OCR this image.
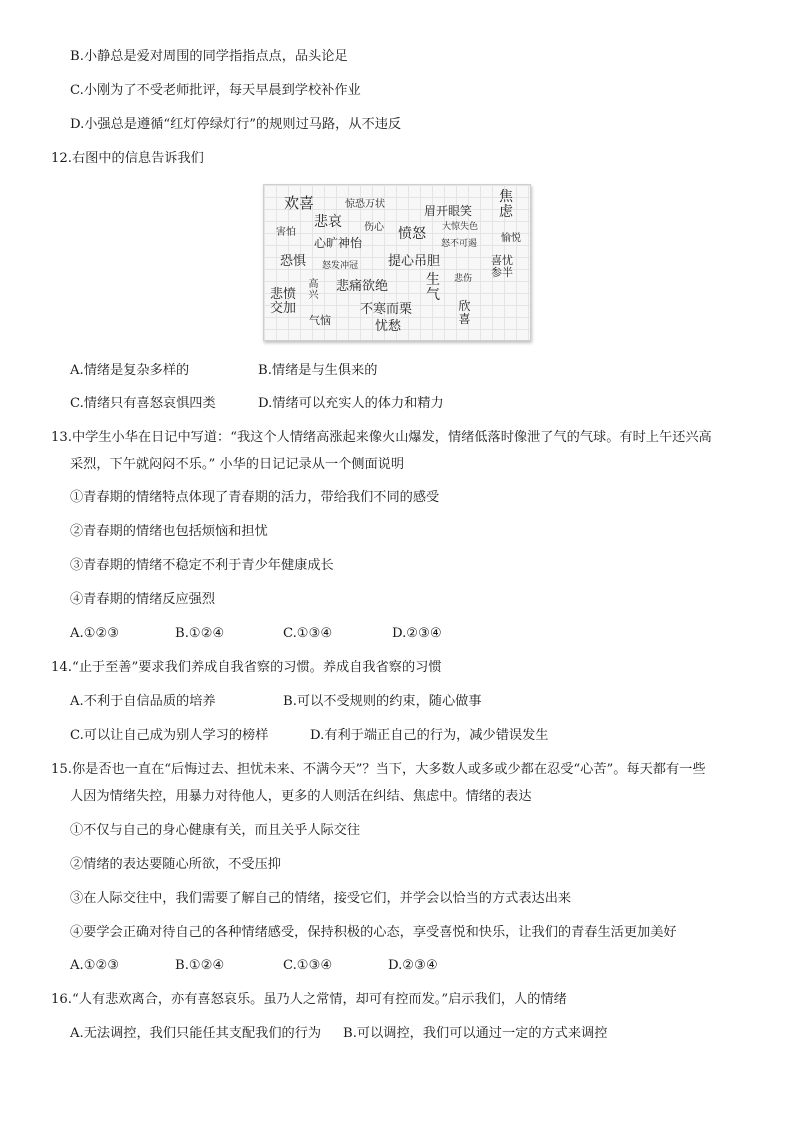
B.小静总是爱对周围的同学指指点点，品头论足
C.小刚为了不受老师批评，每天早晨到学校补作业
D.小强总是遵循“红灯停绿灯行”的规则过马路，从不违反
12.右图中的信息告诉我们
欢喜	惊恐万状	焦虑
眉开眼笑
悲哀 伤心
害怕	大惊失色
愤怒
心旷神怡	愉悦
怒不可遏
恐惧	提心吊胆	喜忧参半
怒发冲冠
悲伤
生气
悲愤交加
高兴
悲痛欲绝
欣喜
不寒而栗
气恼	忧愁
A.情绪是复杂多样的	B.情绪是与生俱来的
C.情绪只有喜怒哀惧四类	D.情绪可以充实人的体力和精力
13.中学生小华在日记中写道：“我这个人情绪高涨起来像火山爆发，情绪低落时像泄了气的气球。有时上午还兴高
采烈，下午就闷闷不乐。” 小华的日记记录从一个侧面说明
①青春期的情绪特点体现了青春期的活力，带给我们不同的感受
②青春期的情绪也包括烦恼和担忧
③青春期的情绪不稳定不利于青少年健康成长
④青春期的情绪反应强烈
A.①②③	B.①②④	C.①③④	D.②③④
14.“止于至善”要求我们养成自我省察的习惯。养成自我省察的习惯
A.不利于自信品质的培养	B.可以不受规则的约束，随心做事
C.可以让自己成为别人学习的榜样	D.有利于端正自己的行为，减少错误发生
15.你是否也一直在“后悔过去、担忧未来、不满今天”？当下，大多数人或多或少都在忍受“心苦”。每天都有一些
人因为情绪失控，用暴力对待他人，更多的人则活在纠结、焦虑中。情绪的表达
①不仅与自己的身心健康有关，而且关乎人际交往
②情绪的表达要随心所欲，不受压抑
③在人际交往中，我们需要了解自己的情绪，接受它们，并学会以恰当的方式表达出来
④要学会正确对待自己的各种情绪感受，保持积极的心态，享受喜悦和快乐，让我们的青春生活更加美好
A.①②③	B.①②④	C.①③④	D.②③④
16.“人有悲欢离合，亦有喜怒哀乐。虽乃人之常情，却可有控而发。”启示我们，人的情绪
A.无法调控，我们只能任其支配我们的行为 B.可以调控，我们可以通过一定的方式来调控
